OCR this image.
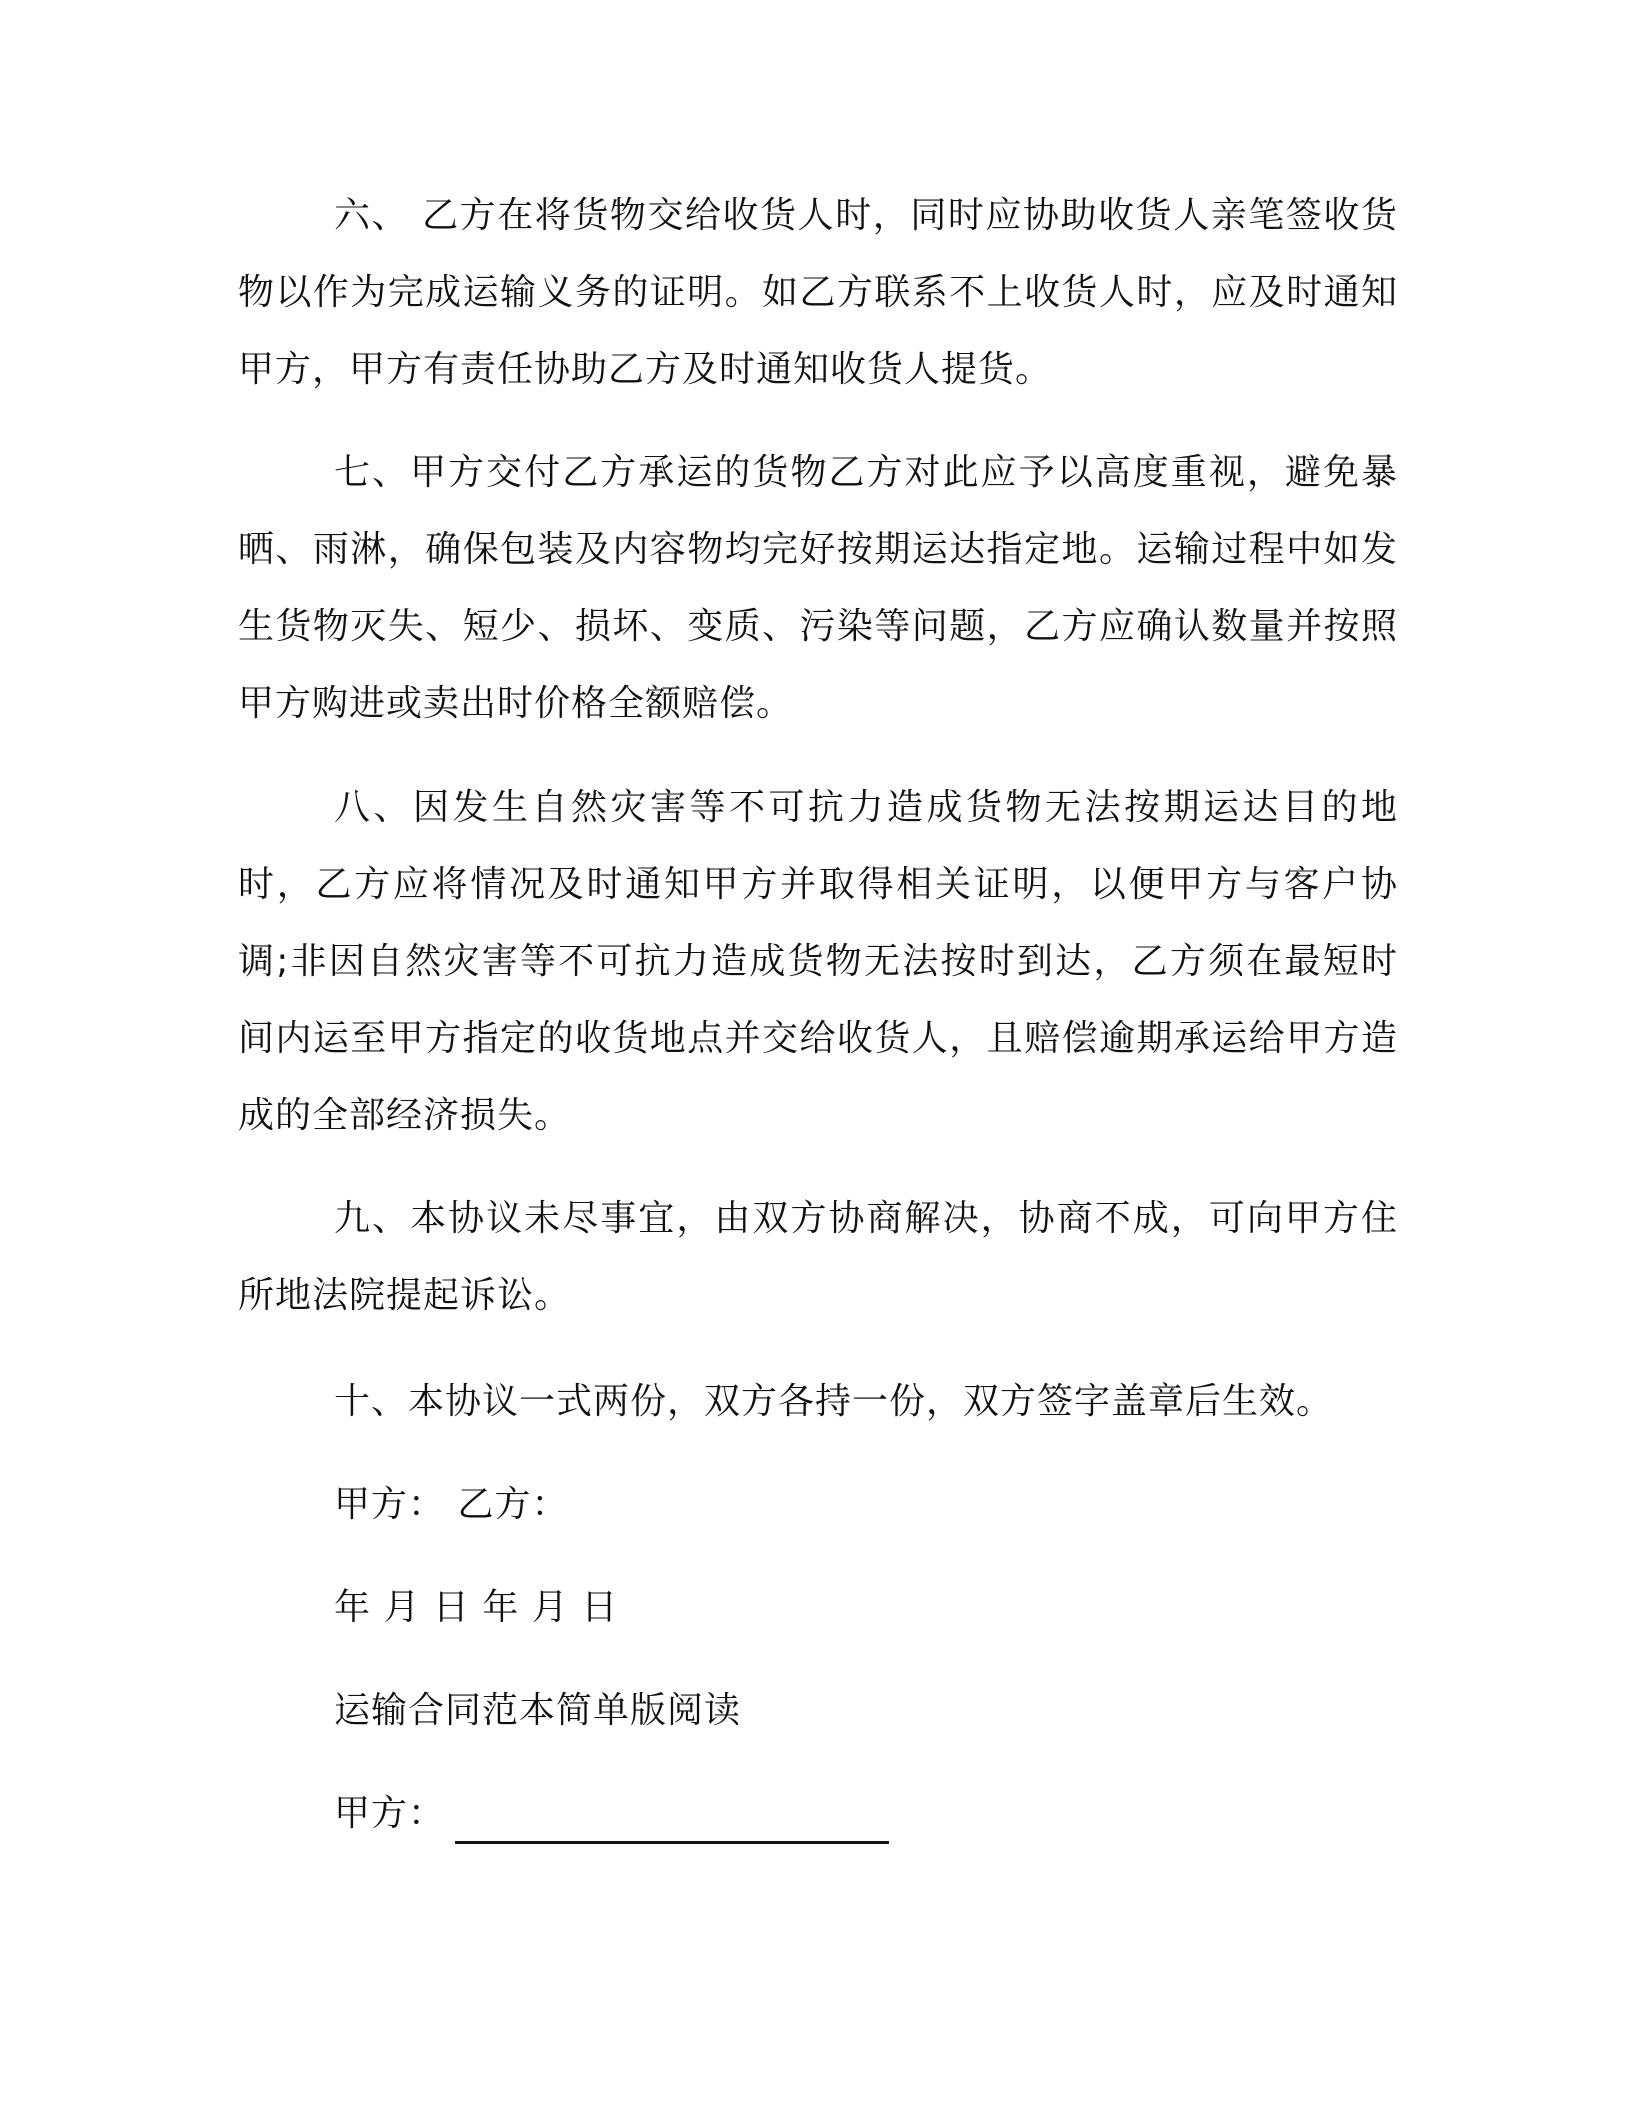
六、 乙方在将货物交给收货人时，同时应协助收货人亲笔签收货物以作为完成运输义务的证明。如乙方联系不上收货人时，应及时通知甲方，甲方有责任协助乙方及时通知收货人提货。

七、甲方交付乙方承运的货物乙方对此应予以高度重视，避免暴晒、雨淋，确保包装及内容物均完好按期运达指定地。运输过程中如发生货物灭失、短少、损坏、变质、污染等问题，乙方应确认数量并按照甲方购进或卖出时价格全额赔偿。

八、因发生自然灾害等不可抗力造成货物无法按期运达目的地时，乙方应将情况及时通知甲方并取得相关证明，以便甲方与客户协调;非因自然灾害等不可抗力造成货物无法按时到达，乙方须在最短时间内运至甲方指定的收货地点并交给收货人，且赔偿逾期承运给甲方造成的全部经济损失。

九、本协议未尽事宜，由双方协商解决，协商不成，可向甲方住所地法院提起诉讼。

十、本协议一式两份，双方各持一份，双方签字盖章后生效。

甲方： 乙方：

年 月 日 年 月 日

运输合同范本简单版阅读

甲方：
